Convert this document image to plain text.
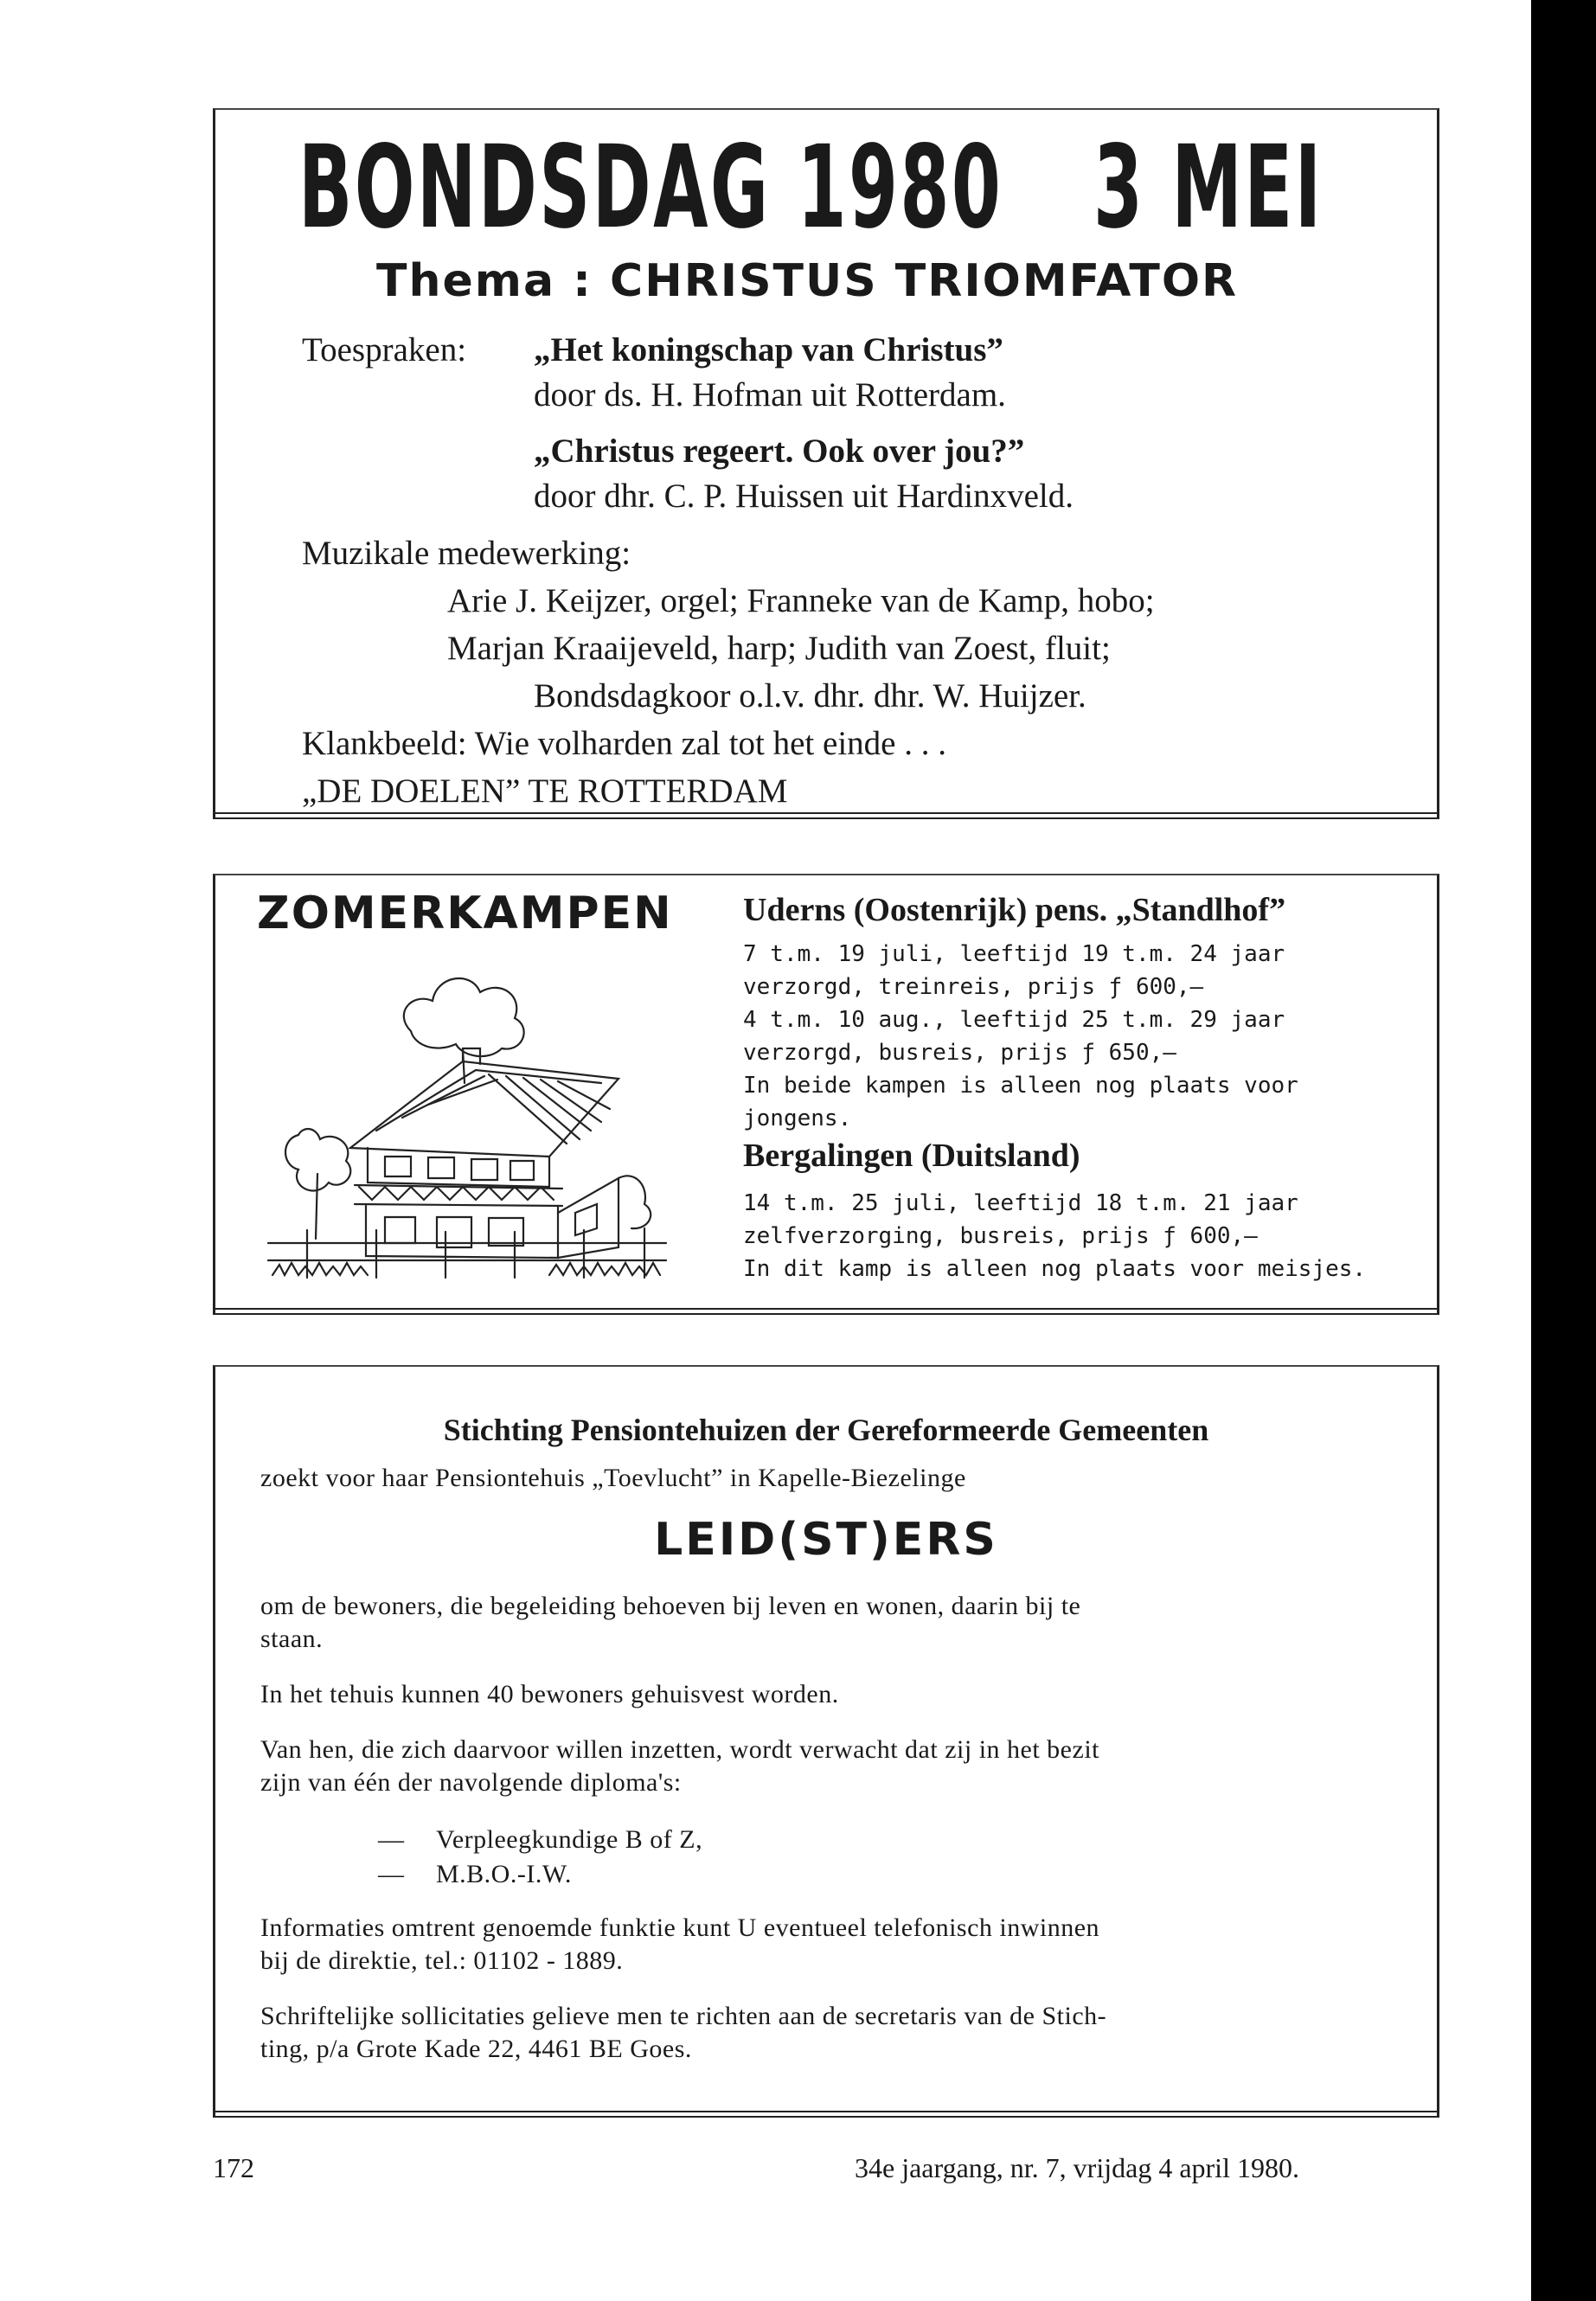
BONDSDAG 1980 3 MEI
Thema : CHRISTUS TRIOMFATOR
Toespraken: „Het koningschap van Christus”
door ds. H. Hofman uit Rotterdam.
„Christus regeert. Ook over jou?”
door dhr. C. P. Huissen uit Hardinxveld.
Muzikale medewerking:
Arie J. Keijzer, orgel; Franneke van de Kamp, hobo;
Marjan Kraaijeveld, harp; Judith van Zoest, fluit;
Bondsdagkoor o.l.v. dhr. dhr. W. Huijzer.
Klankbeeld: Wie volharden zal tot het einde . . .
„DE DOELEN” TE ROTTERDAM
ZOMERKAMPEN Uderns (Oostenrijk) pens. „Standlhof”
7 t.m. 19 juli, leeftijd 19 t.m. 24 jaar
verzorgd, treinreis, prijs ƒ 600,—
4 t.m. 10 aug., leeftijd 25 t.m. 29 jaar
verzorgd, busreis, prijs ƒ 650,—
In beide kampen is alleen nog plaats voor
jongens.
Bergalingen (Duitsland)
14 t.m. 25 juli, leeftijd 18 t.m. 21 jaar
zelfverzorging, busreis, prijs ƒ 600,—
In dit kamp is alleen nog plaats voor meisjes.
Stichting Pensiontehuizen der Gereformeerde Gemeenten
zoekt voor haar Pensiontehuis „Toevlucht” in Kapelle-Biezelinge
LEID(ST)ERS
om de bewoners, die begeleiding behoeven bij leven en wonen, daarin bij te
staan.
In het tehuis kunnen 40 bewoners gehuisvest worden.
Van hen, die zich daarvoor willen inzetten, wordt verwacht dat zij in het bezit
zijn van één der navolgende diploma's:
— Verpleegkundige B of Z,
— M.B.O.-I.W.
Informaties omtrent genoemde funktie kunt U eventueel telefonisch inwinnen
bij de direktie, tel.: 01102 - 1889.
Schriftelijke sollicitaties gelieve men te richten aan de secretaris van de Stich-
ting, p/a Grote Kade 22, 4461 BE Goes.
172	34e jaargang, nr. 7, vrijdag 4 april 1980.
